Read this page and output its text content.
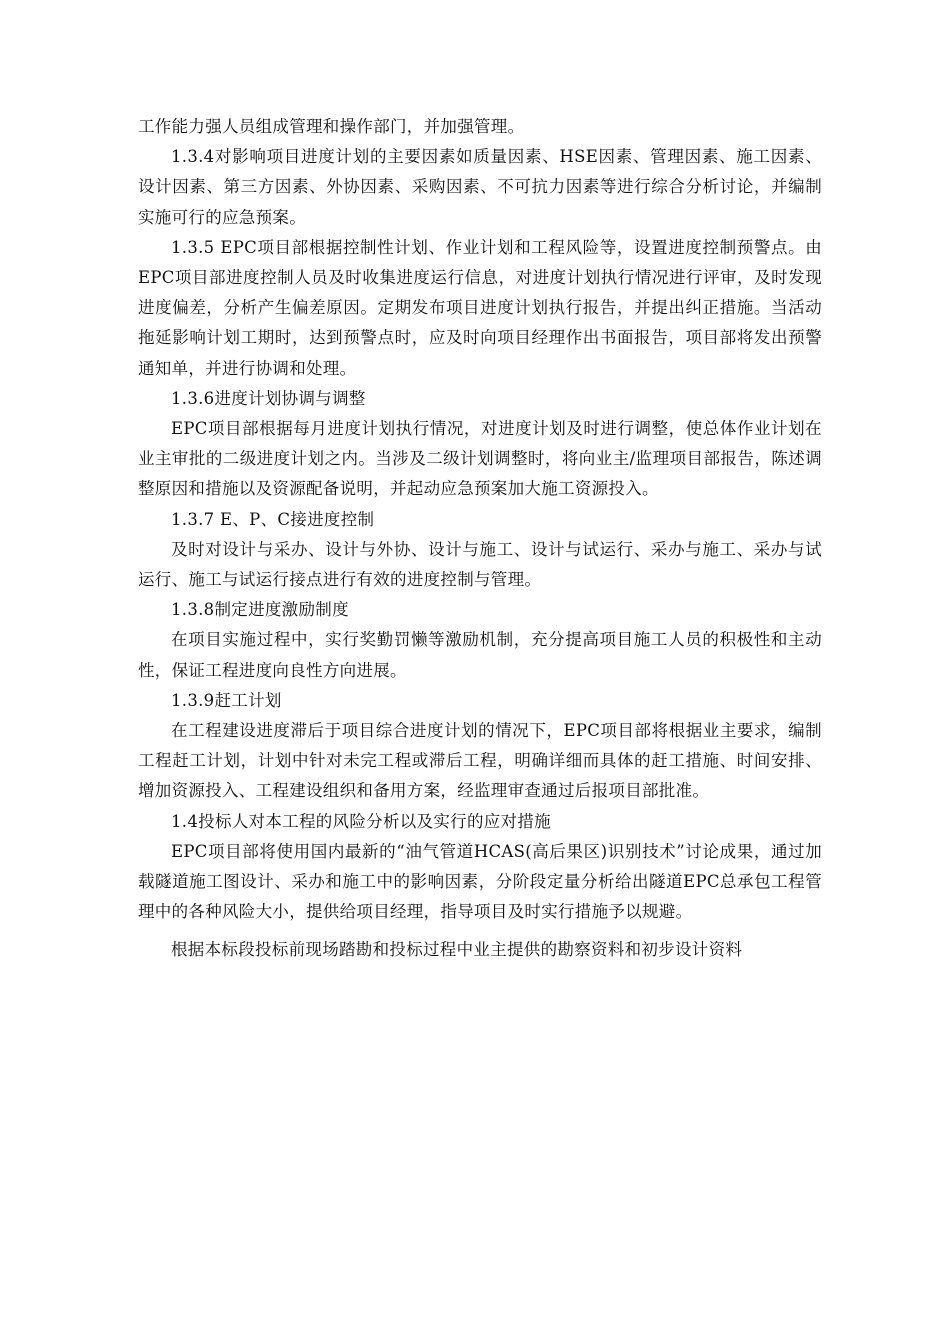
工作能力强人员组成管理和操作部门，并加强管理。

1.3.4对影响项目进度计划的主要因素如质量因素、HSE因素、管理因素、施工因素、设计因素、第三方因素、外协因素、采购因素、不可抗力因素等进行综合分析讨论，并编制实施可行的应急预案。

1.3.5 EPC项目部根据控制性计划、作业计划和工程风险等，设置进度控制预警点。由EPC项目部进度控制人员及时收集进度运行信息，对进度计划执行情况进行评审，及时发现进度偏差，分析产生偏差原因。定期发布项目进度计划执行报告，并提出纠正措施。当活动拖延影响计划工期时，达到预警点时，应及时向项目经理作出书面报告，项目部将发出预警通知单，并进行协调和处理。

1.3.6进度计划协调与调整

EPC项目部根据每月进度计划执行情况，对进度计划及时进行调整，使总体作业计划在业主审批的二级进度计划之内。当涉及二级计划调整时，将向业主/监理项目部报告，陈述调整原因和措施以及资源配备说明，并起动应急预案加大施工资源投入。

1.3.7 E、P、C接进度控制

及时对设计与采办、设计与外协、设计与施工、设计与试运行、采办与施工、采办与试运行、施工与试运行接点进行有效的进度控制与管理。

1.3.8制定进度激励制度

在项目实施过程中，实行奖勤罚懒等激励机制，充分提高项目施工人员的积极性和主动性，保证工程进度向良性方向进展。

1.3.9赶工计划

在工程建设进度滞后于项目综合进度计划的情况下，EPC项目部将根据业主要求，编制工程赶工计划，计划中针对未完工程或滞后工程，明确详细而具体的赶工措施、时间安排、增加资源投入、工程建设组织和备用方案，经监理审查通过后报项目部批准。

1.4投标人对本工程的风险分析以及实行的应对措施

EPC项目部将使用国内最新的“油气管道HCAS(高后果区)识别技术”讨论成果，通过加载隧道施工图设计、采办和施工中的影响因素，分阶段定量分析给出隧道EPC总承包工程管理中的各种风险大小，提供给项目经理，指导项目及时实行措施予以规避。

根据本标段投标前现场踏勘和投标过程中业主提供的勘察资料和初步设计资料
